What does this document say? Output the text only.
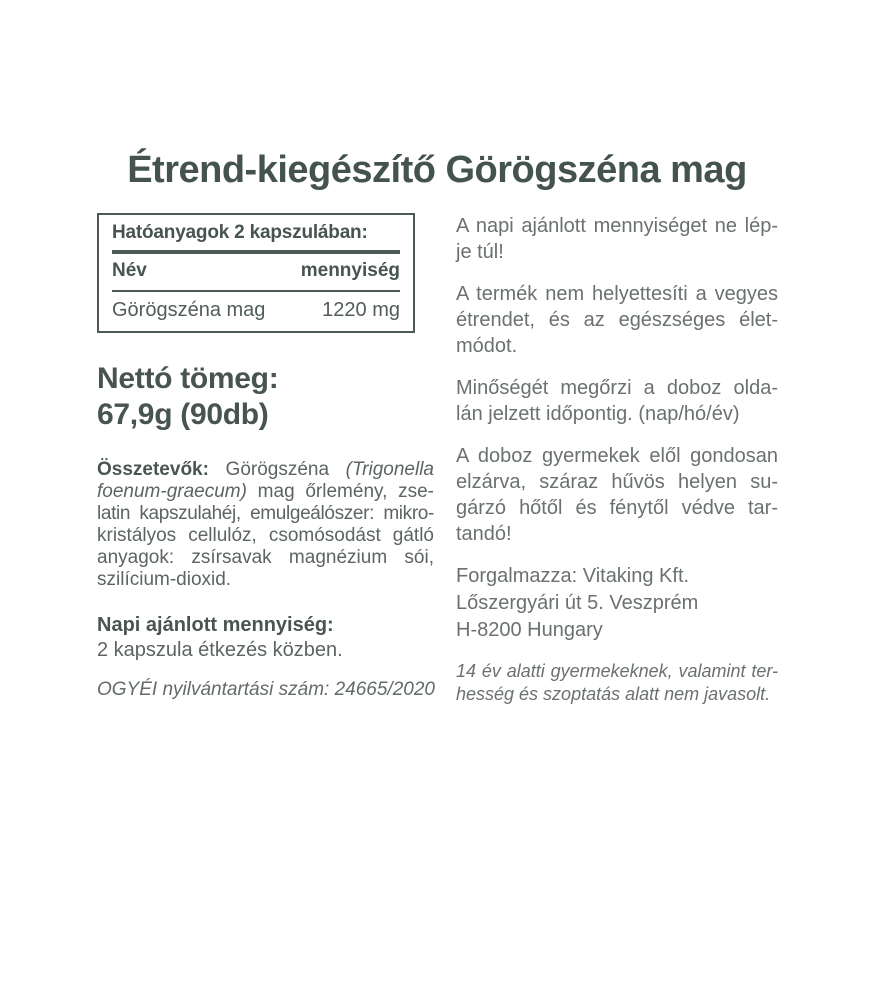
Étrend-kiegészítő Görögszéna mag
Hatóanyagok 2 kapszulában:
Név	mennyiség
Görögszéna mag	1220 mg
Nettó tömeg:
67,9g (90db)
Összetevők: Görögszéna (Trigonella
foenum-graecum) mag őrlemény, zse-
latin kapszulahéj, emulgeálószer: mikro-
kristályos cellulóz, csomósodást gátló
anyagok: zsírsavak magnézium sói,
szilícium-dioxid.
Napi ajánlott mennyiség:
2 kapszula étkezés közben.
OGYÉI nyilvántartási szám: 24665/2020

A napi ajánlott mennyiséget ne lép-
je túl!

A termék nem helyettesíti a vegyes
étrendet, és az egészséges élet-
módot.

Minőségét megőrzi a doboz olda-
lán jelzett időpontig. (nap/hó/év)

A doboz gyermekek elől gondosan
elzárva, száraz hűvös helyen su-
gárzó hőtől és fénytől védve tar-
tandó!

Forgalmazza: Vitaking Kft.
Lőszergyári út 5. Veszprém
H-8200 Hungary

14 év alatti gyermekeknek, valamint ter-
hesség és szoptatás alatt nem javasolt.
